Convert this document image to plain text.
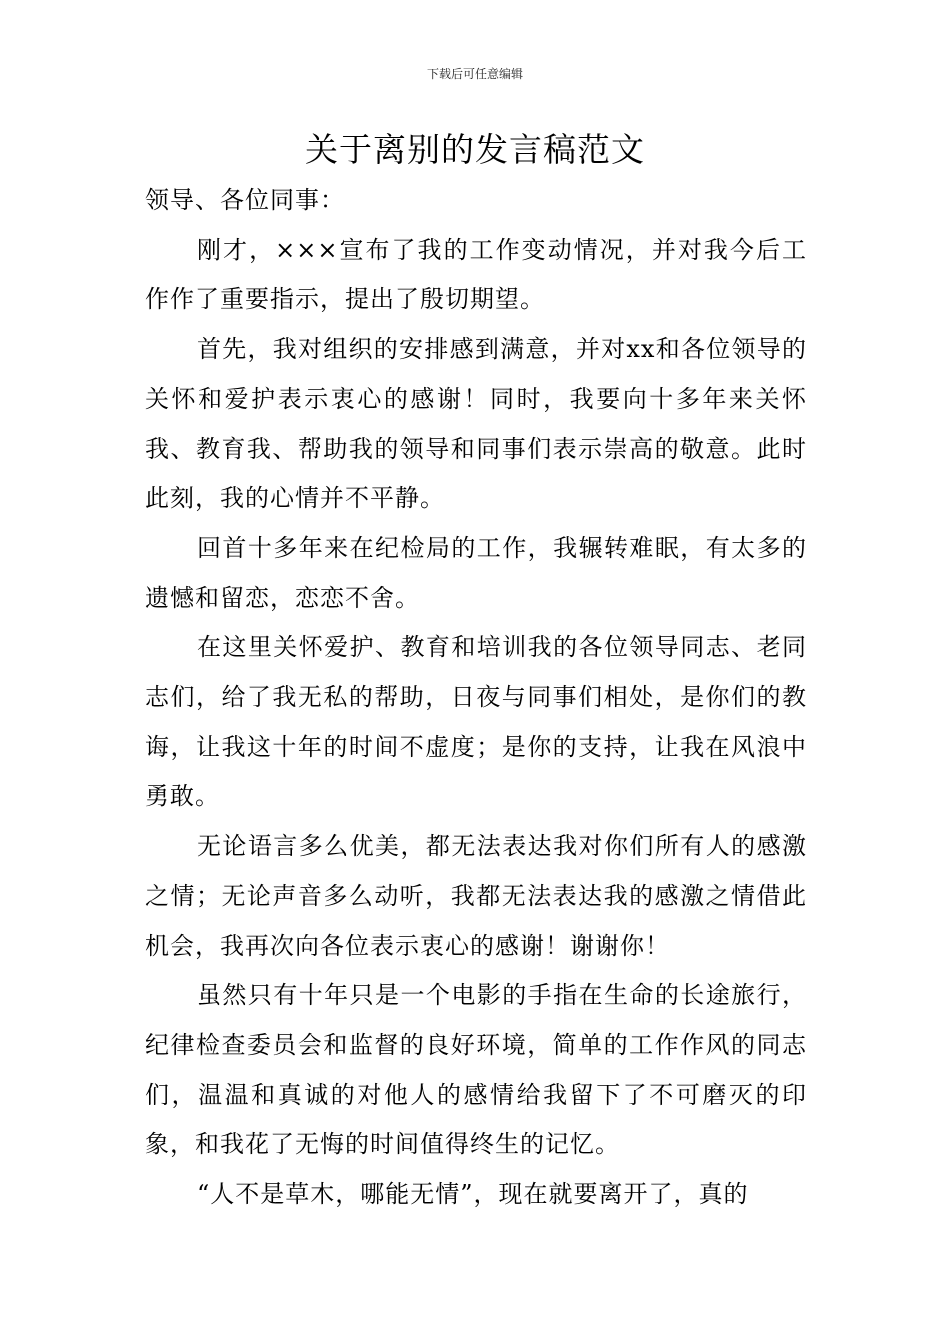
下载后可任意编辑
关于离别的发言稿范文

领导、各位同事：

刚才，×××宣布了我的工作变动情况，并对我今后工作作了重要指示，提出了殷切期望。

首先，我对组织的安排感到满意，并对xx和各位领导的关怀和爱护表示衷心的感谢！同时，我要向十多年来关怀我、教育我、帮助我的领导和同事们表示崇高的敬意。此时此刻，我的心情并不平静。

回首十多年来在纪检局的工作，我辗转难眠，有太多的遗憾和留恋，恋恋不舍。

在这里关怀爱护、教育和培训我的各位领导同志、老同志们，给了我无私的帮助，日夜与同事们相处，是你们的教诲，让我这十年的时间不虚度；是你的支持，让我在风浪中勇敢。

无论语言多么优美，都无法表达我对你们所有人的感激之情；无论声音多么动听，我都无法表达我的感激之情借此机会，我再次向各位表示衷心的感谢！谢谢你！

虽然只有十年只是一个电影的手指在生命的长途旅行，纪律检查委员会和监督的良好环境，简单的工作作风的同志们，温温和真诚的对他人的感情给我留下了不可磨灭的印象，和我花了无悔的时间值得终生的记忆。

“人不是草木，哪能无情”，现在就要离开了，真的
